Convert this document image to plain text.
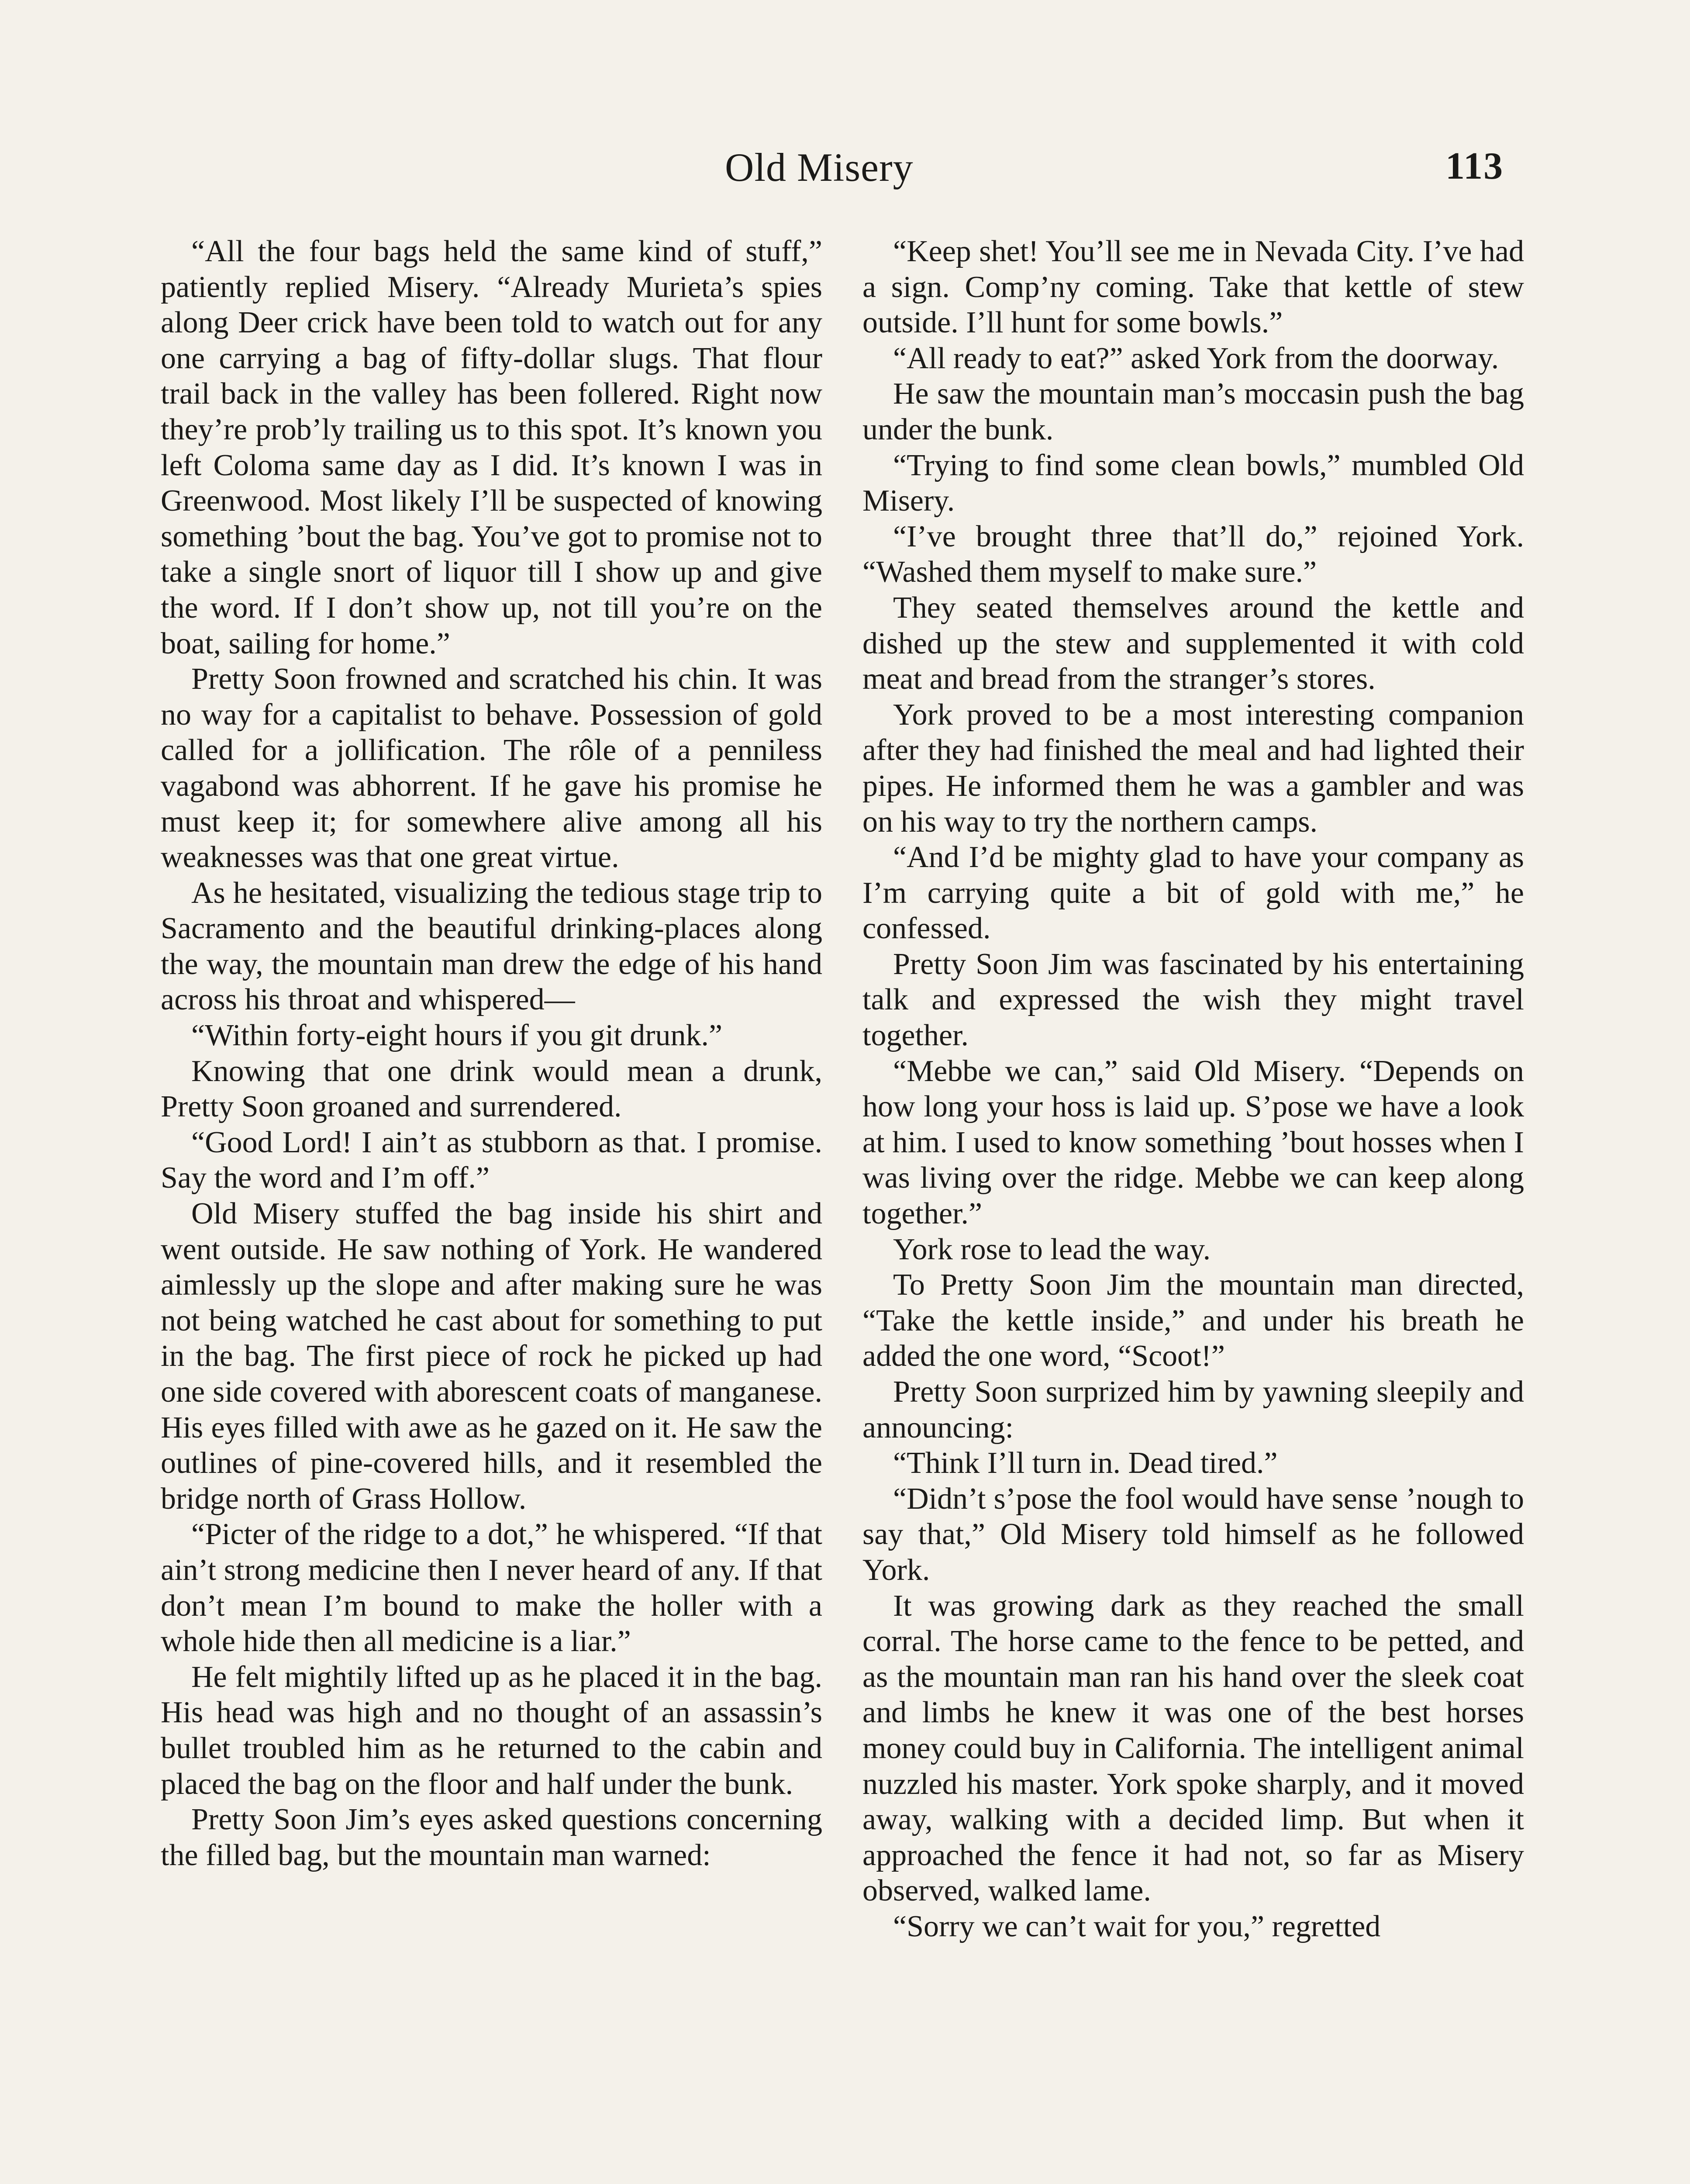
Old Misery	113

“All the four bags held the same kind of stuff,” patiently replied Misery. “Already Murieta’s spies along Deer crick have been told to watch out for any one carrying a bag of fifty-dollar slugs. That flour trail back in the valley has been follered. Right now they’re prob’ly trailing us to this spot. It’s known you left Coloma same day as I did. It’s known I was in Greenwood. Most likely I’ll be suspected of knowing something ’bout the bag. You’ve got to promise not to take a single snort of liquor till I show up and give the word. If I don’t show up, not till you’re on the boat, sailing for home.”

Pretty Soon frowned and scratched his chin. It was no way for a capitalist to behave. Possession of gold called for a jollification. The rôle of a penniless vagabond was abhorrent. If he gave his promise he must keep it; for somewhere alive among all his weaknesses was that one great virtue.

As he hesitated, visualizing the tedious stage trip to Sacramento and the beautiful drinking-places along the way, the mountain man drew the edge of his hand across his throat and whispered—

“Within forty-eight hours if you git drunk.”

Knowing that one drink would mean a drunk, Pretty Soon groaned and surrendered.

“Good Lord! I ain’t as stubborn as that. I promise. Say the word and I’m off.”

Old Misery stuffed the bag inside his shirt and went outside. He saw nothing of York. He wandered aimlessly up the slope and after making sure he was not being watched he cast about for something to put in the bag. The first piece of rock he picked up had one side covered with aborescent coats of manganese. His eyes filled with awe as he gazed on it. He saw the outlines of pine-covered hills, and it resembled the bridge north of Grass Hollow.

“Picter of the ridge to a dot,” he whispered. “If that ain’t strong medicine then I never heard of any. If that don’t mean I’m bound to make the holler with a whole hide then all medicine is a liar.”

He felt mightily lifted up as he placed it in the bag. His head was high and no thought of an assassin’s bullet troubled him as he returned to the cabin and placed the bag on the floor and half under the bunk.

Pretty Soon Jim’s eyes asked questions concerning the filled bag, but the mountain man warned:

“Keep shet! You’ll see me in Nevada City. I’ve had a sign. Comp’ny coming. Take that kettle of stew outside. I’ll hunt for some bowls.”

“All ready to eat?” asked York from the doorway.

He saw the mountain man’s moccasin push the bag under the bunk.

“Trying to find some clean bowls,” mumbled Old Misery.

“I’ve brought three that’ll do,” rejoined York. “Washed them myself to make sure.”

They seated themselves around the kettle and dished up the stew and supplemented it with cold meat and bread from the stranger’s stores.

York proved to be a most interesting companion after they had finished the meal and had lighted their pipes. He informed them he was a gambler and was on his way to try the northern camps.

“And I’d be mighty glad to have your company as I’m carrying quite a bit of gold with me,” he confessed.

Pretty Soon Jim was fascinated by his entertaining talk and expressed the wish they might travel together.

“Mebbe we can,” said Old Misery. “Depends on how long your hoss is laid up. S’pose we have a look at him. I used to know something ’bout hosses when I was living over the ridge. Mebbe we can keep along together.”

York rose to lead the way.

To Pretty Soon Jim the mountain man directed, “Take the kettle inside,” and under his breath he added the one word, “Scoot!”

Pretty Soon surprized him by yawning sleepily and announcing:

“Think I’ll turn in. Dead tired.”

“Didn’t s’pose the fool would have sense ’nough to say that,” Old Misery told himself as he followed York.

It was growing dark as they reached the small corral. The horse came to the fence to be petted, and as the mountain man ran his hand over the sleek coat and limbs he knew it was one of the best horses money could buy in California. The intelligent animal nuzzled his master. York spoke sharply, and it moved away, walking with a decided limp. But when it approached the fence it had not, so far as Misery observed, walked lame.

“Sorry we can’t wait for you,” regretted
